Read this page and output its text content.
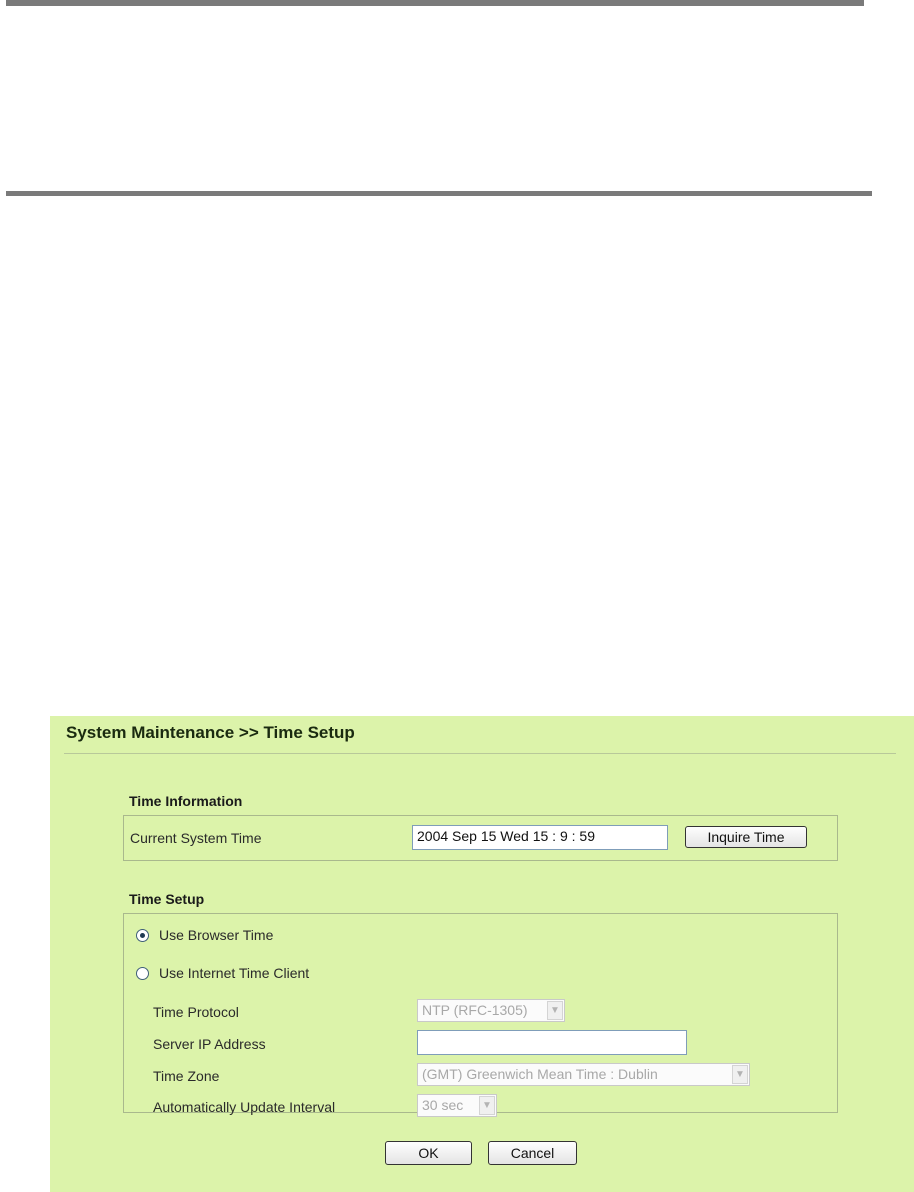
System Maintenance >> Time Setup
Time Information
Current System Time	2004 Sep 15 Wed 15 : 9 : 59	Inquire Time
Time Setup
Use Browser Time
Use Internet Time Client
Time Protocol	NTP (RFC-1305)	▼
Server IP Address
Time Zone	(GMT) Greenwich Mean Time : Dublin	▼
Automatically Update Interval	30 sec	▼
OK	Cancel
